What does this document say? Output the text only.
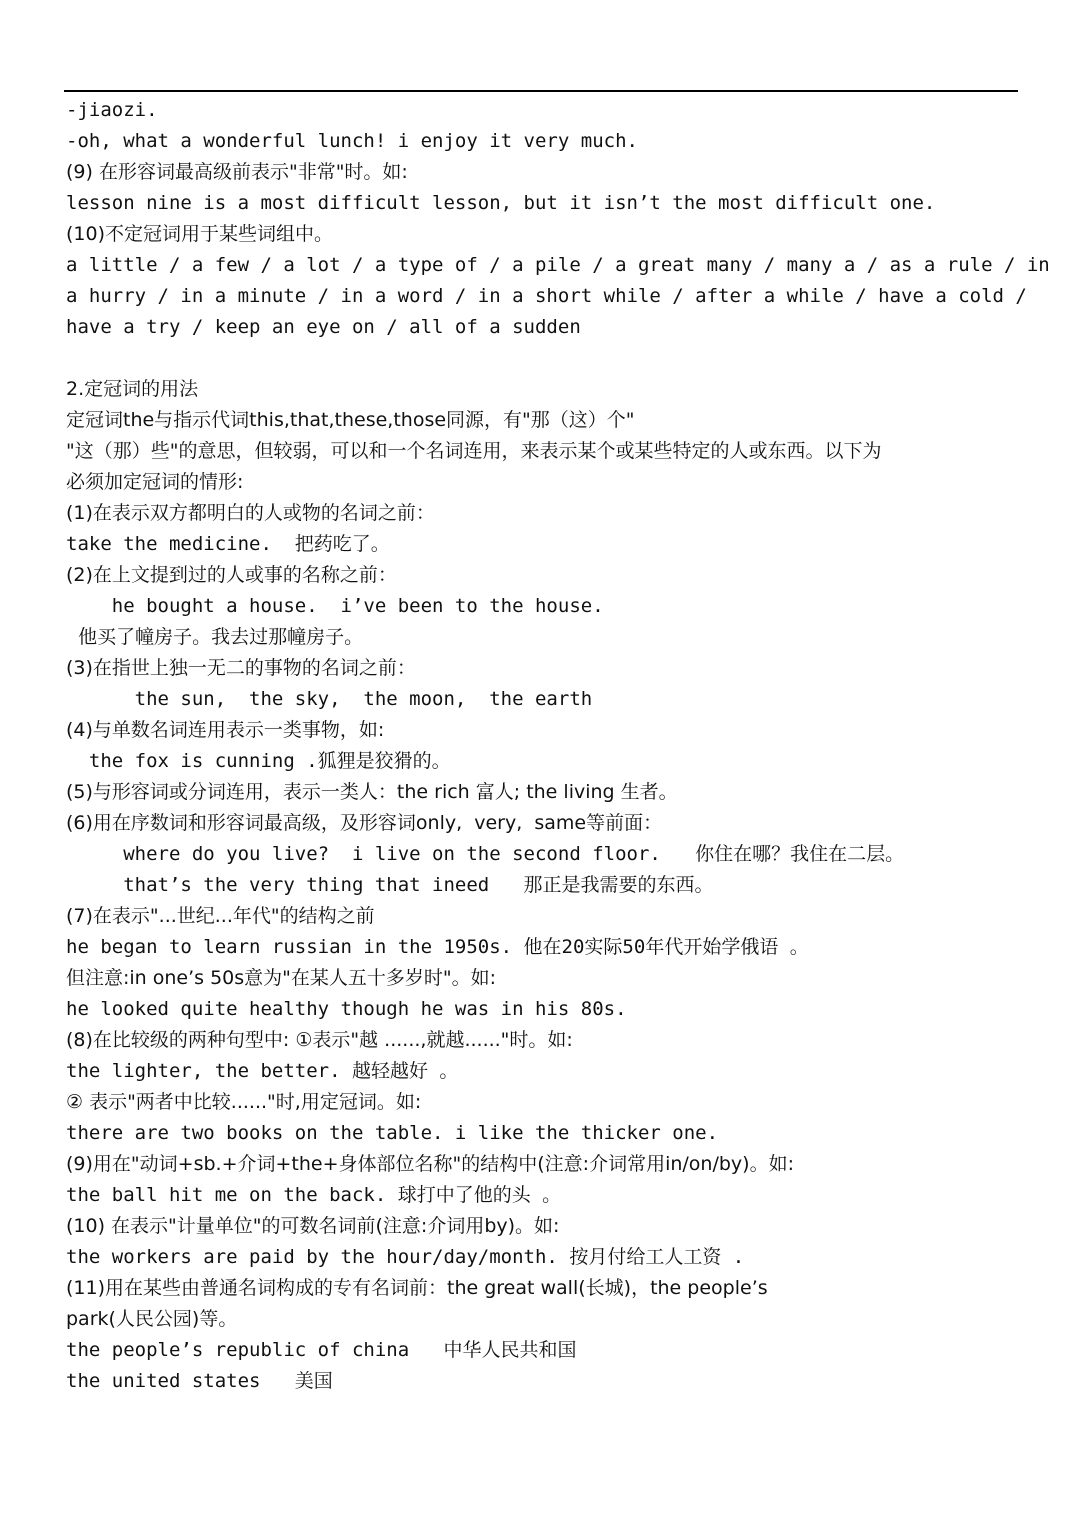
-jiaozi.
-oh, what a wonderful lunch! i enjoy it very much.
(9) 在形容词最高级前表示"非常"时。如:
lesson nine is a most difficult lesson, but it isn’t the most difficult one.
(10)不定冠词用于某些词组中。
a little / a few / a lot / a type of / a pile / a great many / many a / as a rule / in
a hurry / in a minute / in a word / in a short while / after a while / have a cold /
have a try / keep an eye on / all of a sudden
2.定冠词的用法
定冠词the与指示代词this,that,these,those同源，有"那（这）个"
"这（那）些"的意思，但较弱，可以和一个名词连用，来表示某个或某些特定的人或东西。以下为
必须加定冠词的情形:
(1)在表示双方都明白的人或物的名词之前：
take the medicine.  把药吃了。
(2)在上文提到过的人或事的名称之前：
he bought a house.  i’ve been to the house.
他买了幢房子。我去过那幢房子。
(3)在指世上独一无二的事物的名词之前：
the sun,  the sky,  the moon,  the earth
(4)与单数名词连用表示一类事物，如:
the fox is cunning .狐狸是狡猾的。
(5)与形容词或分词连用，表示一类人：the rich 富人; the living 生者。
(6)用在序数词和形容词最高级，及形容词only,  very,  same等前面：
where do you live?  i live on the second floor.   你住在哪？我住在二层。
that’s the very thing that ineed   那正是我需要的东西。
(7)在表示"...世纪...年代"的结构之前
he began to learn russian in the 1950s. 他在20实际50年代开始学俄语 。
但注意:in one’s 50s意为"在某人五十多岁时"。如:
he looked quite healthy though he was in his 80s.
(8)在比较级的两种句型中: ①表示"越 ......,就越......"时。如:
the lighter, the better. 越轻越好 。
② 表示"两者中比较......"时,用定冠词。如:
there are two books on the table. i like the thicker one.
(9)用在"动词+sb.+介词+the+身体部位名称"的结构中(注意:介词常用in/on/by)。如:
the ball hit me on the back. 球打中了他的头 。
(10) 在表示"计量单位"的可数名词前(注意:介词用by)。如:
the workers are paid by the hour/day/month. 按月付给工人工资 .
(11)用在某些由普通名词构成的专有名词前：the great wall(长城)，the people’s
park(人民公园)等。
the people’s republic of china   中华人民共和国
the united states   美国
